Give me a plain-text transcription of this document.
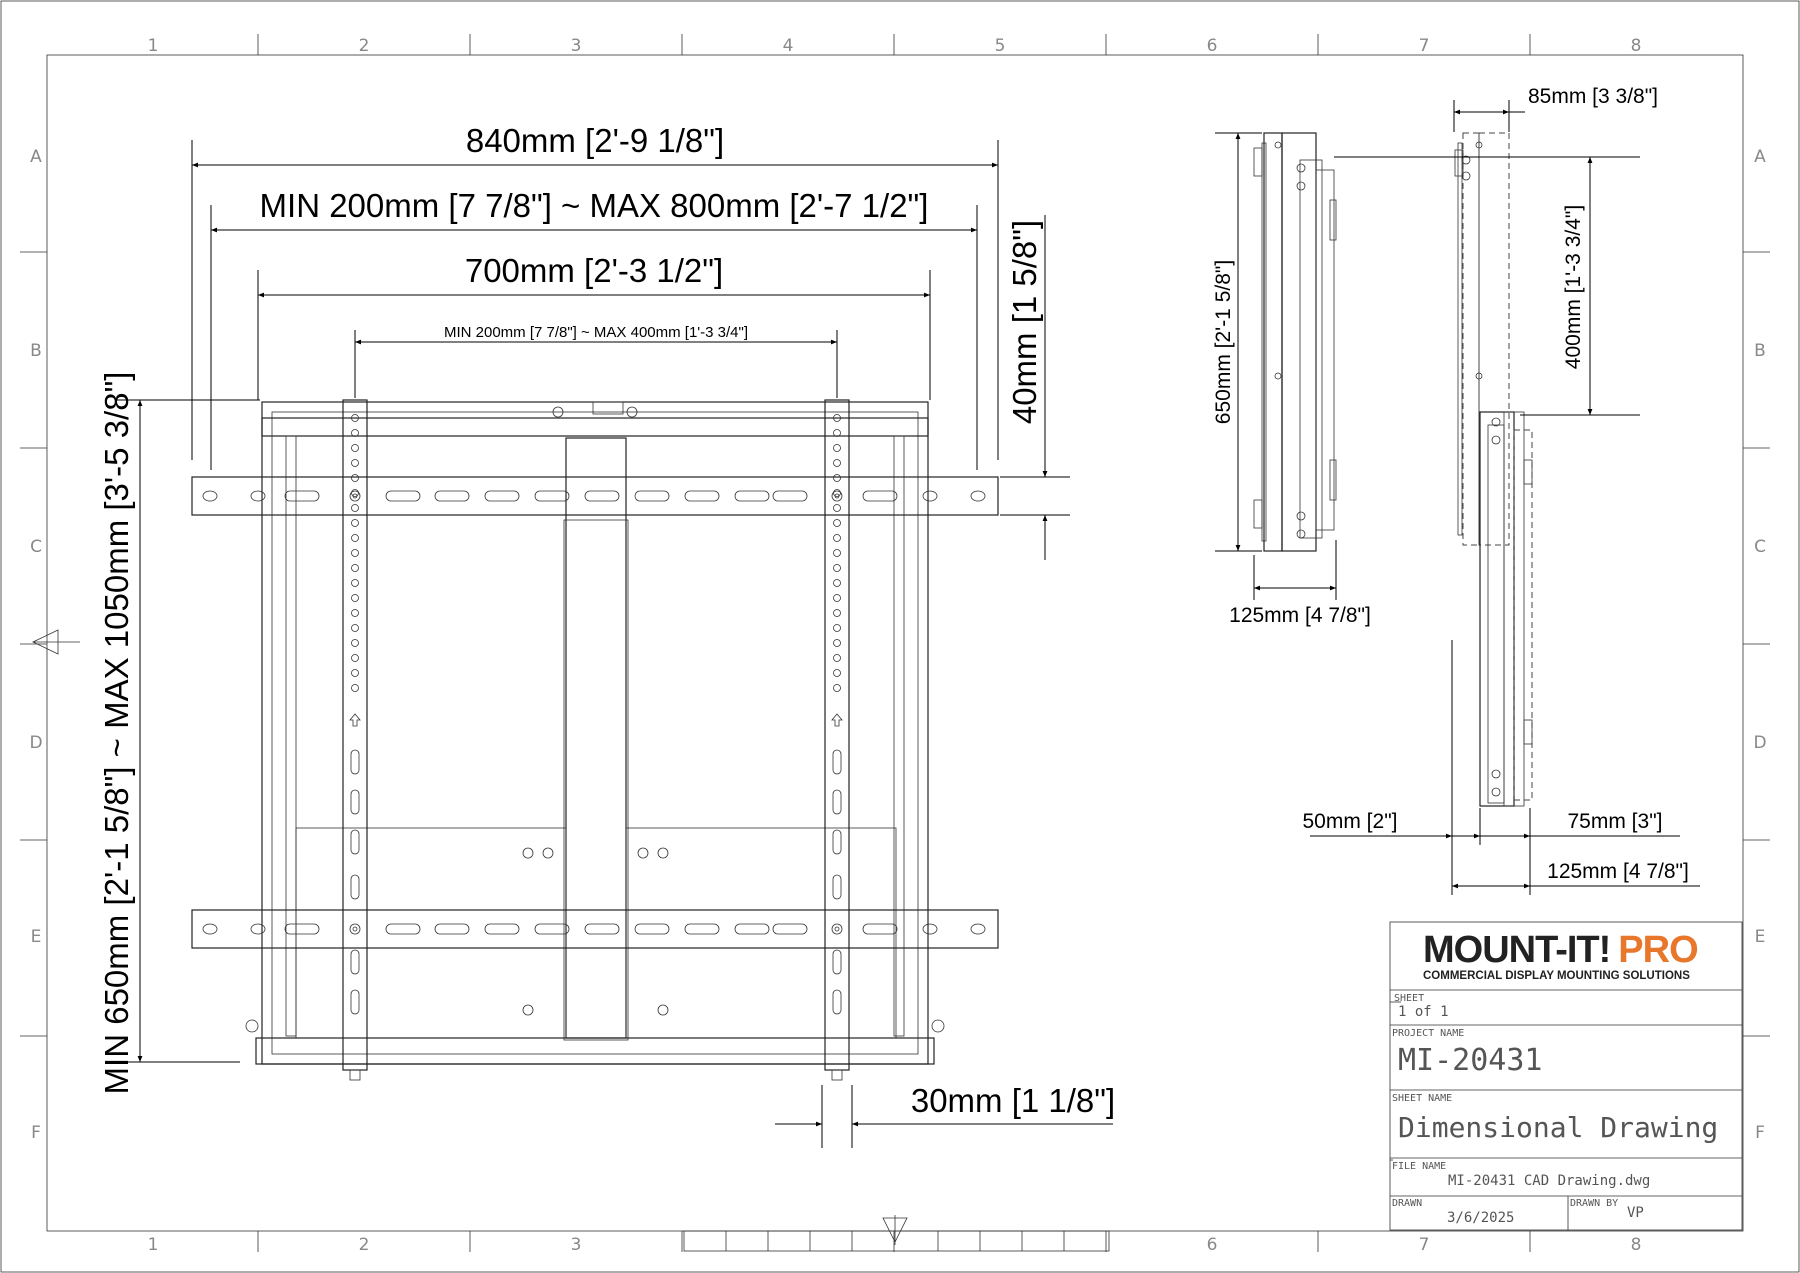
1	2	3	4	5	6	7	8
1	2	3	6	7	8
A
B
C
D
E
F
A
B
C
D
E
F
840mm [2'-9 1/8"]
MIN 200mm [7 7/8"] ~ MAX 800mm [2'-7 1/2"]
700mm [2'-3 1/2"]
MIN 200mm [7 7/8"] ~ MAX 400mm [1'-3 3/4"]	40mm [1 5/8"]
MIN 650mm [2'-1 5/8"] ~ MAX 1050mm [3'-5 3/8"]
30mm [1 1/8"]
650mm [2'-1 5/8"]
125mm [4 7/8"]
85mm [3 3/8"]
400mm [1'-3 3/4"]
50mm [2"]	75mm [3"]
125mm [4 7/8"]
MOUNT-IT! PRO
COMMERCIAL DISPLAY MOUNTING SOLUTIONS
SHEET
1 of 1
PROJECT NAME
MI-20431
SHEET NAME
Dimensional Drawing
FILE NAME
MI-20431 CAD Drawing.dwg
DRAWN
3/6/2025
DRAWN BY
VP
